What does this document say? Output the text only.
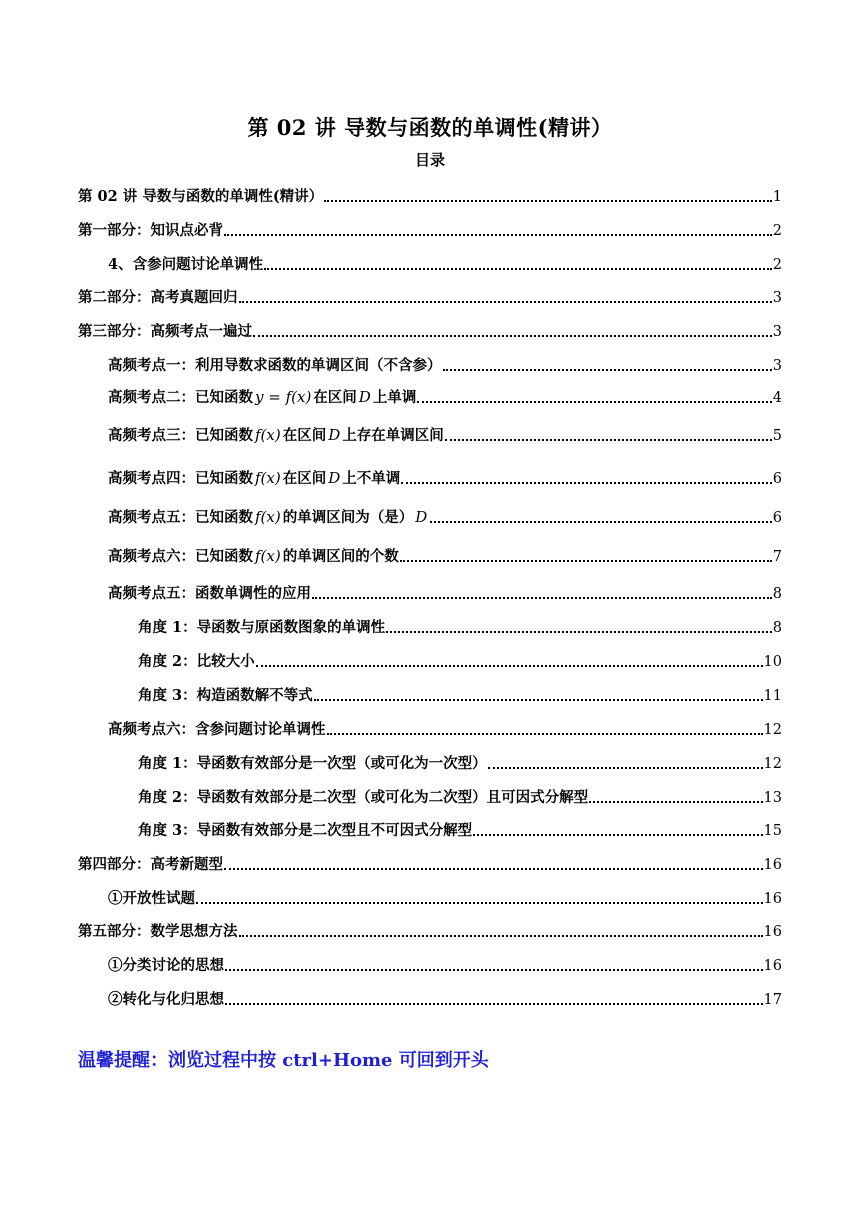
第 02 讲 导数与函数的单调性(精讲）
目录
第 02 讲 导数与函数的单调性(精讲）	1
第一部分：知识点必背	2
4、含参问题讨论单调性	2
第二部分：高考真题回归	3
第三部分：高频考点一遍过	3
高频考点一：利用导数求函数的单调区间（不含参）	3
高频考点二：已知函数 y = f(x) 在区间 D 上单调	4
高频考点三：已知函数 f(x) 在区间 D 上存在单调区间	5
高频考点四：已知函数 f(x) 在区间 D 上不单调	6
高频考点五：已知函数 f(x) 的单调区间为（是） D	6
高频考点六：已知函数 f(x) 的单调区间的个数	7
高频考点五：函数单调性的应用	8
角度 1：导函数与原函数图象的单调性	8
角度 2：比较大小	10
角度 3：构造函数解不等式	11
高频考点六：含参问题讨论单调性	12
角度 1：导函数有效部分是一次型（或可化为一次型）	12
角度 2：导函数有效部分是二次型（或可化为二次型）且可因式分解型	13
角度 3：导函数有效部分是二次型且不可因式分解型	15
第四部分：高考新题型	16
①开放性试题	16
第五部分：数学思想方法	16
①分类讨论的思想	16
②转化与化归思想	17
温馨提醒：浏览过程中按 ctrl+Home 可回到开头
